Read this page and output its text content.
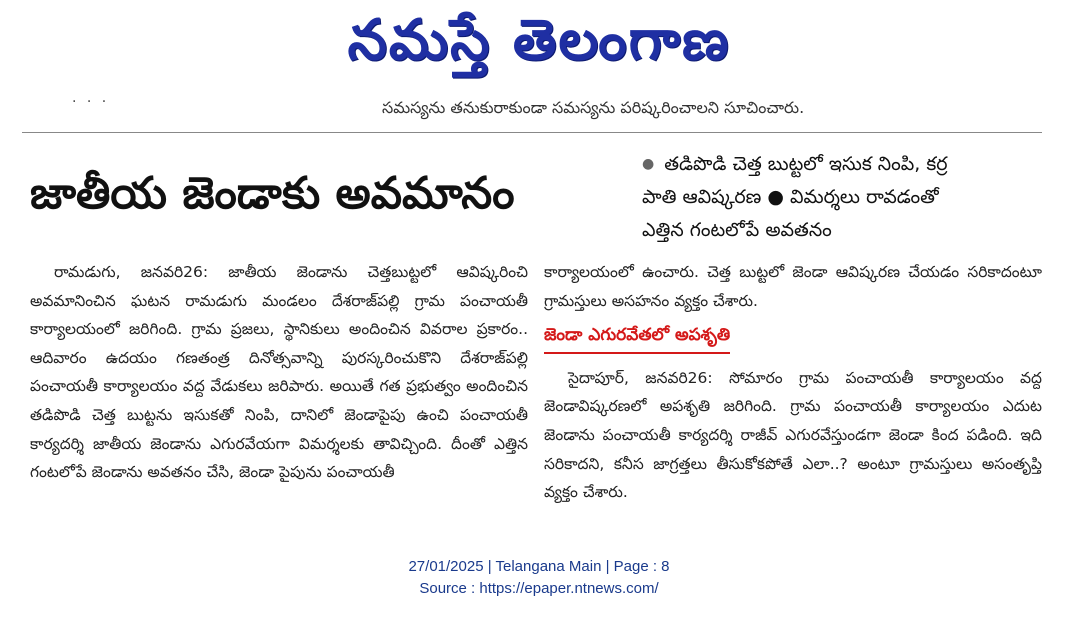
నమస్తే తెలంగాణ
· · ·	సమస్యను తనుకురాకుండా సమస్యను పరిష్కరించాలని సూచించారు.
జాతీయ జెండాకు అవమానం
● తడిపొడి చెత్త బుట్టలో ఇసుక నింపి, కర్ర
పాతి ఆవిష్కరణ ● విమర్శలు రావడంతో
ఎత్తిన గంటలోపే అవతనం

రామడుగు, జనవరి26: జాతీయ జెండాను చెత్తబుట్టలో ఆవిష్కరించి అవమానించిన ఘటన రామడుగు మండలం దేశరాజ్‌పల్లి గ్రామ పంచాయతీ కార్యాలయంలో జరిగింది. గ్రామ ప్రజలు, స్థానికులు అందించిన వివరాల ప్రకారం.. ఆదివారం ఉదయం గణతంత్ర దినోత్సవాన్ని పురస్కరించుకొని దేశరాజ్‌పల్లి పంచాయతీ కార్యాలయం వద్ద వేడుకలు జరిపారు. అయితే గత ప్రభుత్వం అందించిన తడిపొడి చెత్త బుట్టను ఇసుకతో నింపి, దానిలో జెండాపైపు ఉంచి పంచాయతీ కార్యదర్శి జాతీయ జెండాను ఎగురవేయగా విమర్శలకు తావిచ్చింది. దీంతో ఎత్తిన గంటలోపే జెండాను అవతనం చేసి, జెండా పైపును పంచాయతీ

కార్యాలయంలో ఉంచారు. చెత్త బుట్టలో జెండా ఆవిష్కరణ చేయడం సరికాదంటూ గ్రామస్తులు అసహనం వ్యక్తం చేశారు.

జెండా ఎగురవేతలో అపశృతి

సైదాపూర్, జనవరి26: సోమారం గ్రామ పంచాయతీ కార్యాలయం వద్ద జెండావిష్కరణలో అపశృతి జరిగింది. గ్రామ పంచాయతీ కార్యాలయం ఎదుట జెండాను పంచాయతీ కార్యదర్శి రాజీవ్ ఎగురవేస్తుండగా జెండా కింద పడింది. ఇది సరికాదని, కనీస జాగ్రత్తలు తీసుకోకపోతే ఎలా..? అంటూ గ్రామస్తులు అసంతృప్తి వ్యక్తం చేశారు.

27/01/2025 | Telangana Main | Page : 8
Source : https://epaper.ntnews.com/
